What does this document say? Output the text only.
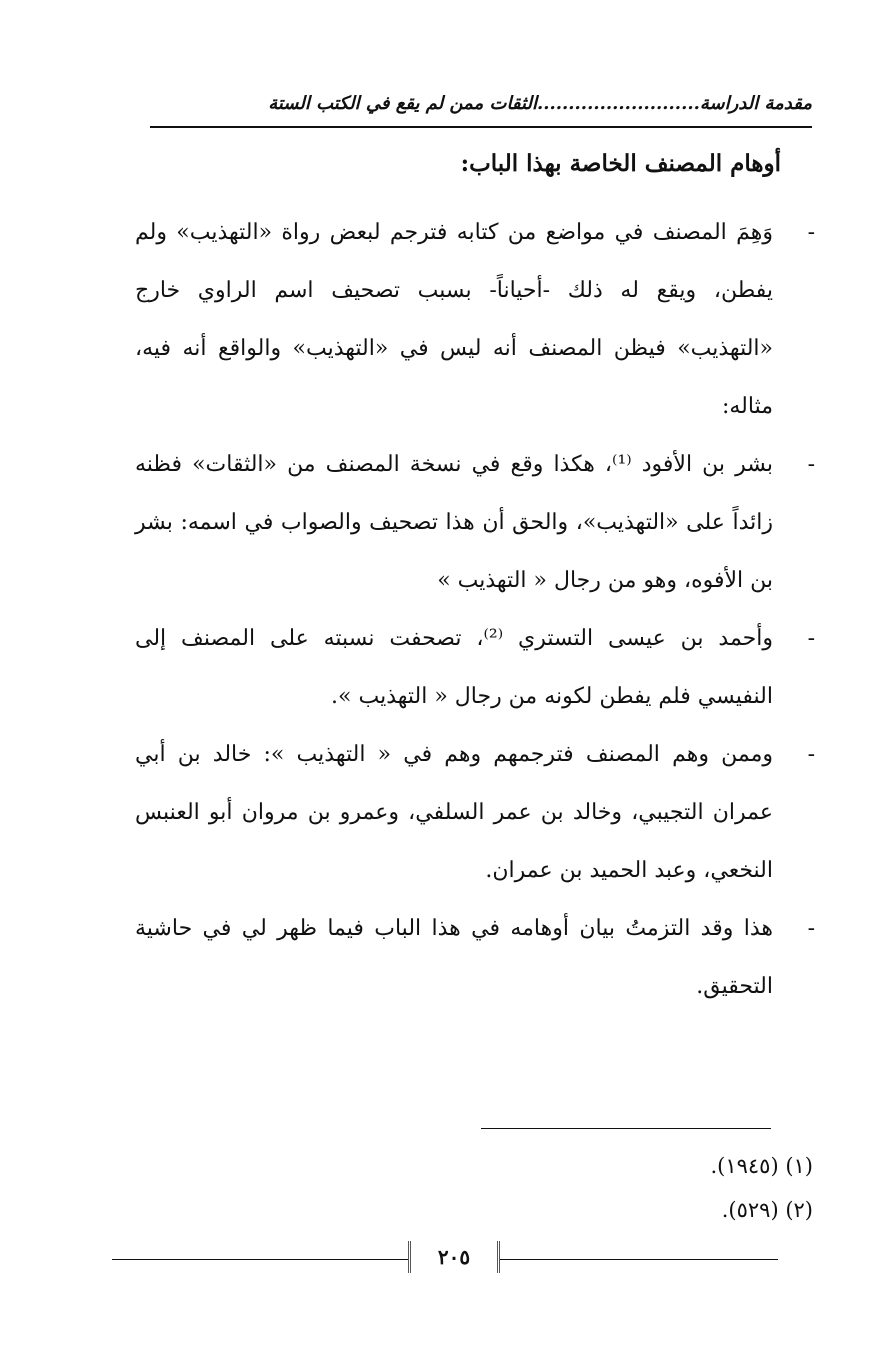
مقدمة الدراسة..........................الثقات ممن لم يقع في الكتب الستة
أوهام المصنف الخاصة بهذا الباب:

-
وَهِمَ المصنف في مواضع من كتابه فترجم لبعض رواة «التهذيب» ولم يفطن، ويقع له ذلك -أحياناً- بسبب تصحيف اسم الراوي خارج «التهذيب» فيظن المصنف أنه ليس في «التهذيب» والواقع أنه فيه، مثاله:

-
بشر بن الأفود ⁽¹⁾، هكذا وقع في نسخة المصنف من «الثقات» فظنه زائداً على «التهذيب»، والحق أن هذا تصحيف والصواب في اسمه: بشر بن الأفوه، وهو من رجال « التهذيب »

-
وأحمد بن عيسى التستري ⁽²⁾، تصحفت نسبته على المصنف إلى النفيسي فلم يفطن لكونه من رجال « التهذيب ».

-
وممن وهم المصنف فترجمهم وهم في « التهذيب »: خالد بن أبي عمران التجيبي، وخالد بن عمر السلفي، وعمرو بن مروان أبو العنبس النخعي، وعبد الحميد بن عمران.

-
هذا وقد التزمتُ بيان أوهامه في هذا الباب فيما ظهر لي في حاشية التحقيق.

(١) (١٩٤٥).
(٢) (٥٢٩).
٢٠٥
